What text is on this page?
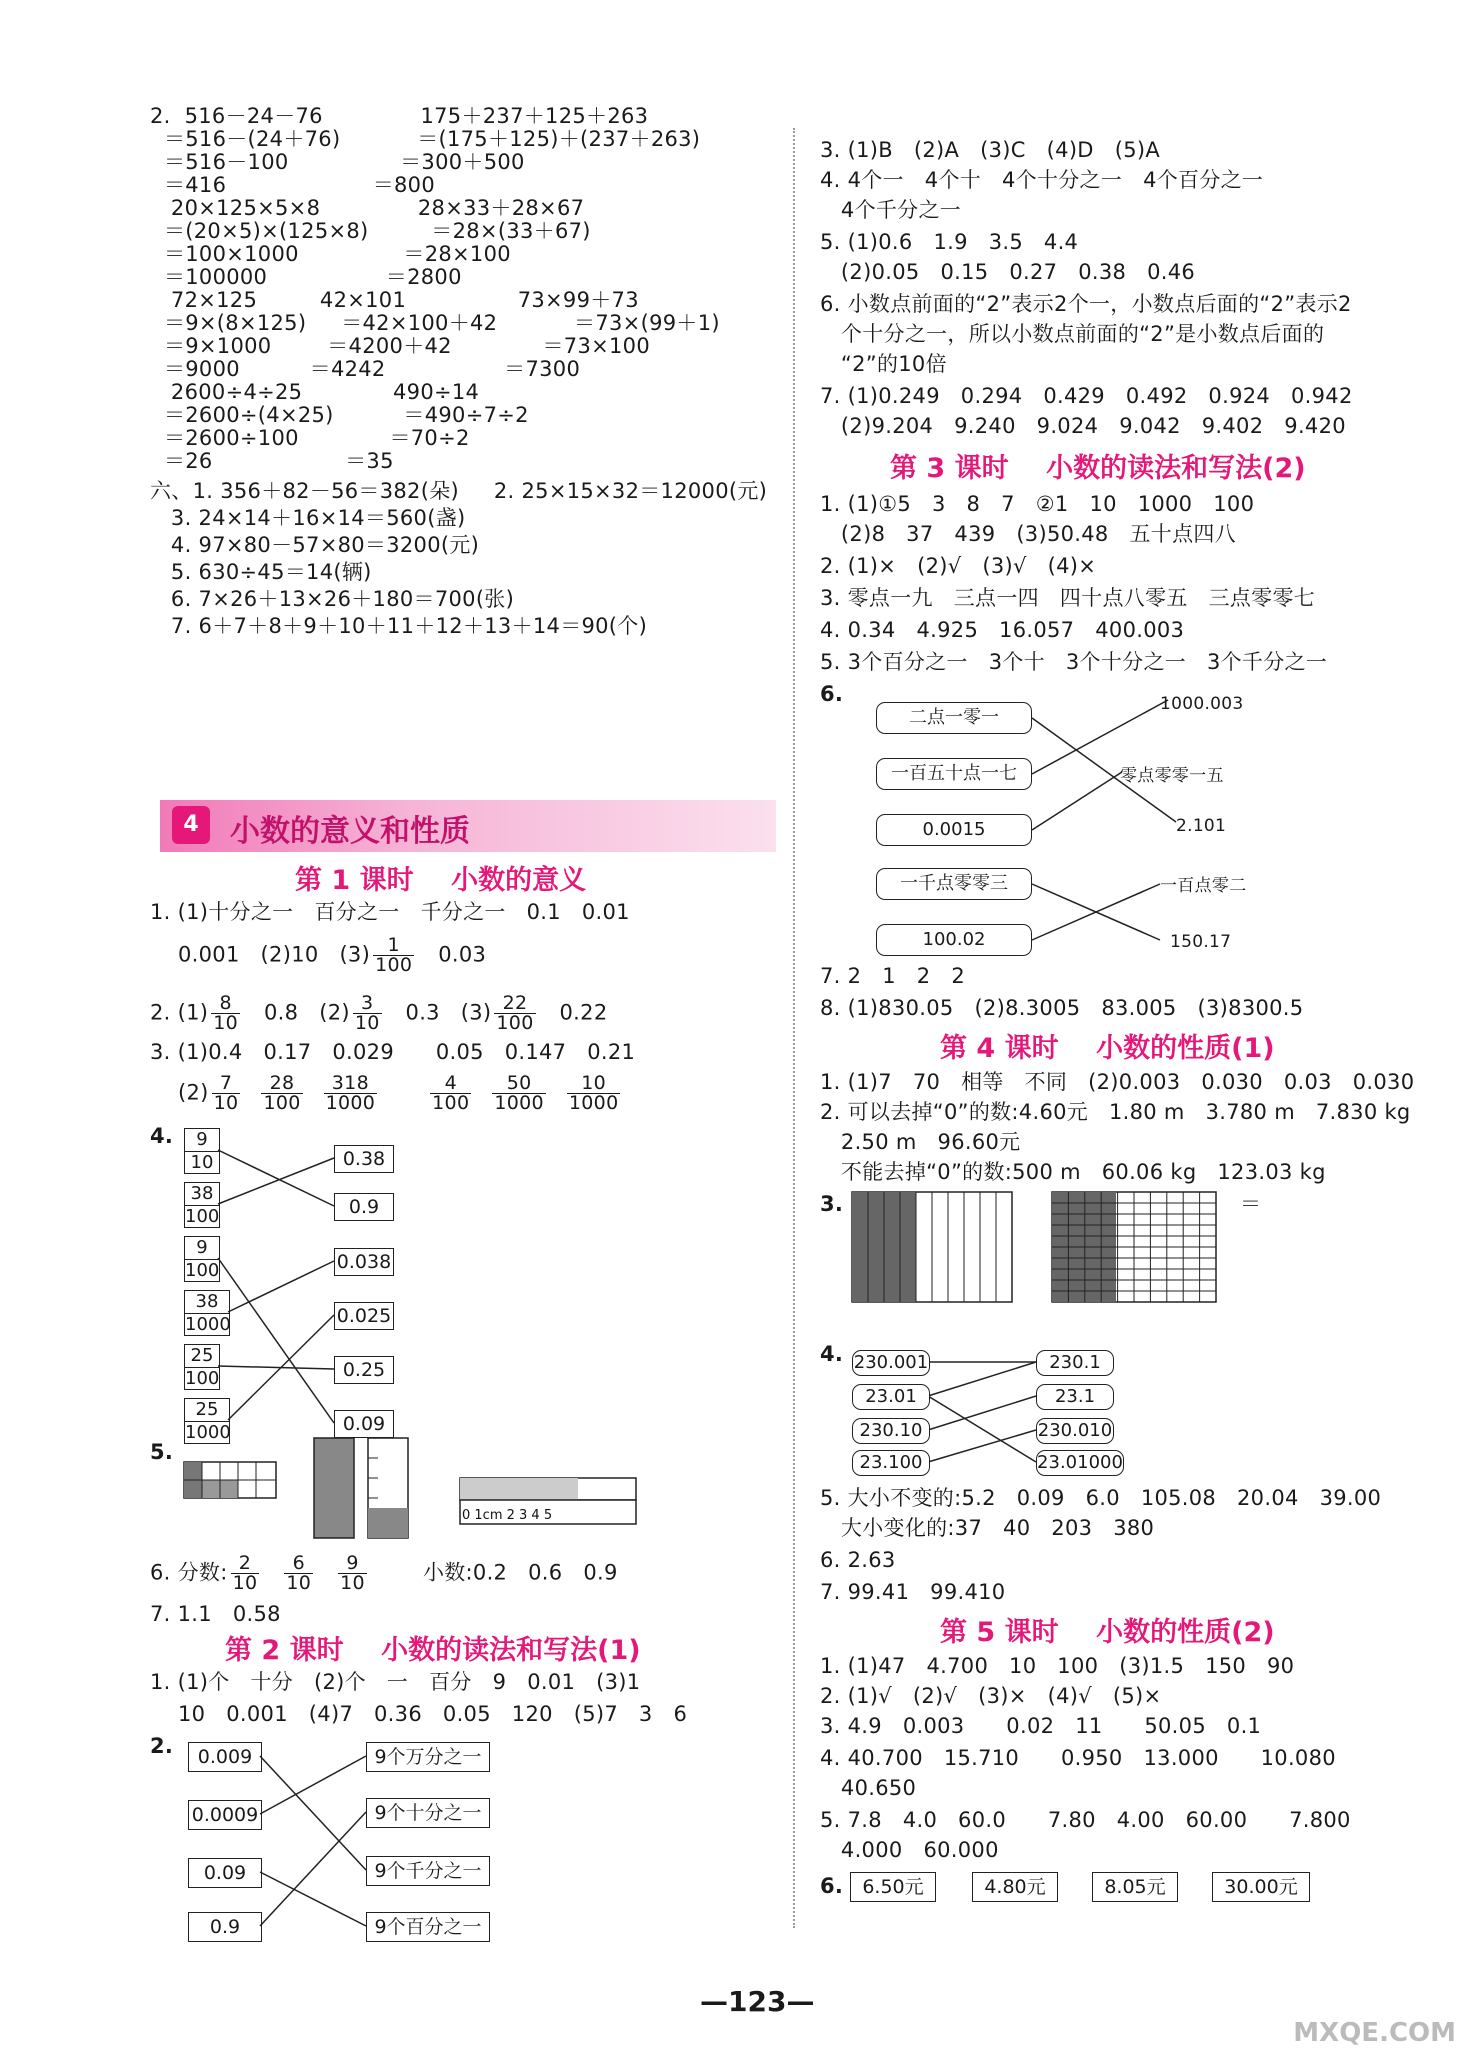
2.  516－24－76              175＋237＋125＋263
＝516－(24＋76)           ＝(175＋125)＋(237＋263)
＝516－100                ＝300＋500
＝416                     ＝800
20×125×5×8              28×33＋28×67
＝(20×5)×(125×8)         ＝28×(33＋67)
＝100×1000               ＝28×100
＝100000                 ＝2800
72×125         42×101                73×99＋73
＝9×(8×125)     ＝42×100＋42           ＝73×(99＋1)
＝9×1000        ＝4200＋42             ＝73×100
＝9000          ＝4242                 ＝7300
2600÷4÷25             490÷14
＝2600÷(4×25)          ＝490÷7÷2
＝2600÷100             ＝70÷2
＝26                   ＝35
六、1. 356＋82－56＝382(朵)     2. 25×15×32＝12000(元)
3. 24×14＋16×14＝560(盏)
4. 97×80－57×80＝3200(元)
5. 630÷45＝14(辆)
6. 7×26＋13×26＋180＝700(张)
7. 6＋7＋8＋9＋10＋11＋12＋13＋14＝90(个)
4	小数的意义和性质
第 1 课时    小数的意义
1. (1)十分之一   百分之一   千分之一   0.1   0.01
0.001   (2)10   $(3) \frac{1}{100} 0.03$
2. $(1) \frac{8}{10} 0.8$   $(2) \frac{3}{10} 0.3$   $(3) \frac{22}{100} 0.22$
3. (1)0.4   0.17   0.029      0.05   0.147   0.21
$(2) \frac{7}{10} \frac{28}{100} \frac{318}{1000}$	$\frac{4}{100} \frac{50}{1000} \frac{10}{1000}$
4. $\frac{9}{10}$
$\frac{38}{100}$
$\frac{9}{100}$
$\frac{38}{1000}$
$\frac{25}{100}$
$\frac{25}{1000}$
0.38
0.9
0.038
0.025
0.25
0.09
5.
6. 分数: $\frac{2}{10} \frac{6}{10} \frac{9}{10}$	小数:0.2   0.6   0.9
7. 1.1   0.58
第 2 课时    小数的读法和写法(1)
1. (1)个   十分   (2)个   一   百分   9   0.01   (3)1
10   0.001   (4)7   0.36   0.05   120   (5)7   3   6
2.	0.009
0.0009
0.09
0.9
9个万分之一
9个十分之一
9个千分之一
9个百分之一
0 1cm 2 3 4 5
3. (1)B   (2)A   (3)C   (4)D   (5)A
4. 4个一   4个十   4个十分之一   4个百分之一
4个千分之一
5. (1)0.6   1.9   3.5   4.4
(2)0.05   0.15   0.27   0.38   0.46
6. 小数点前面的“2”表示2个一，小数点后面的“2”表示2
个十分之一，所以小数点前面的“2”是小数点后面的
“2”的10倍
7. (1)0.249   0.294   0.429   0.492   0.924   0.942
(2)9.204   9.240   9.024   9.042   9.402   9.420
第 3 课时    小数的读法和写法(2)
1. (1)①5   3   8   7   ②1   10   1000   100
(2)8   37   439   (3)50.48   五十点四八
2. (1)×   (2)√   (3)√   (4)×
3. 零点一九   三点一四   四十点八零五   三点零零七
4. 0.34   4.925   16.057   400.003
5. 3个百分之一   3个十   3个十分之一   3个千分之一
6.
二点一零一
一百五十点一七
0.0015
一千点零零三
100.02
1000.003
零点零零一五
2.101
一百点零二
150.17
7. 2   1   2   2
8. (1)830.05   (2)8.3005   83.005   (3)8300.5
第 4 课时    小数的性质(1)
1. (1)7   70   相等   不同   (2)0.003   0.030   0.03   0.030
2. 可以去掉“0”的数:4.60元   1.80 m   3.780 m   7.830 kg
2.50 m   96.60元
不能去掉“0”的数:500 m   60.06 kg   123.03 kg
3.	＝
4. 230.001
23.01
230.10
23.100
230.1
23.1
230.010
23.01000
5. 大小不变的:5.2   0.09   6.0   105.08   20.04   39.00
大小变化的:37   40   203   380
6. 2.63
7. 99.41   99.410
第 5 课时    小数的性质(2)
1. (1)47   4.700   10   100   (3)1.5   150   90
2. (1)√   (2)√   (3)×   (4)√   (5)×
3. 4.9   0.003      0.02   11      50.05   0.1
4. 40.700   15.710      0.950   13.000      10.080
40.650
5. 7.8   4.0   60.0      7.80   4.00   60.00      7.800
4.000   60.000
6.	6.50元	4.80元	8.05元	30.00元
—123—
MXQE.COM
